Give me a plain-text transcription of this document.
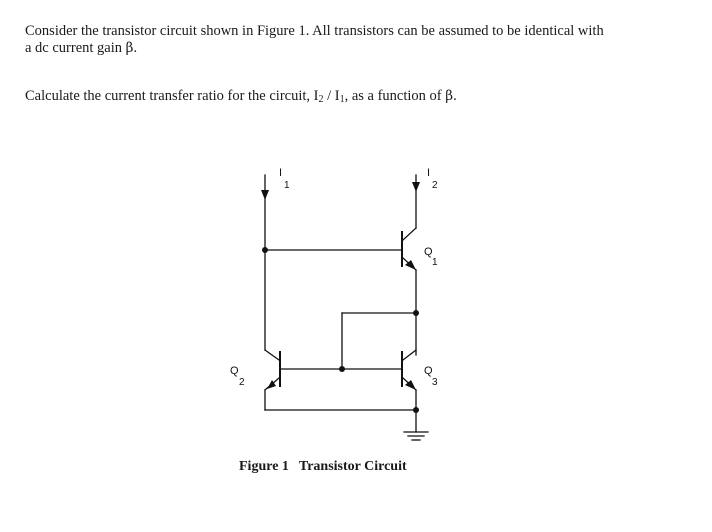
Consider the transistor circuit shown in Figure 1. All transistors can be assumed to be identical with
a dc current gain β.

Calculate the current transfer ratio for the circuit, $I_2 / I_1$, as a function of β.

I
1
I
2
Q
1
Q
2
Q
3
Figure 1 Transistor Circuit
